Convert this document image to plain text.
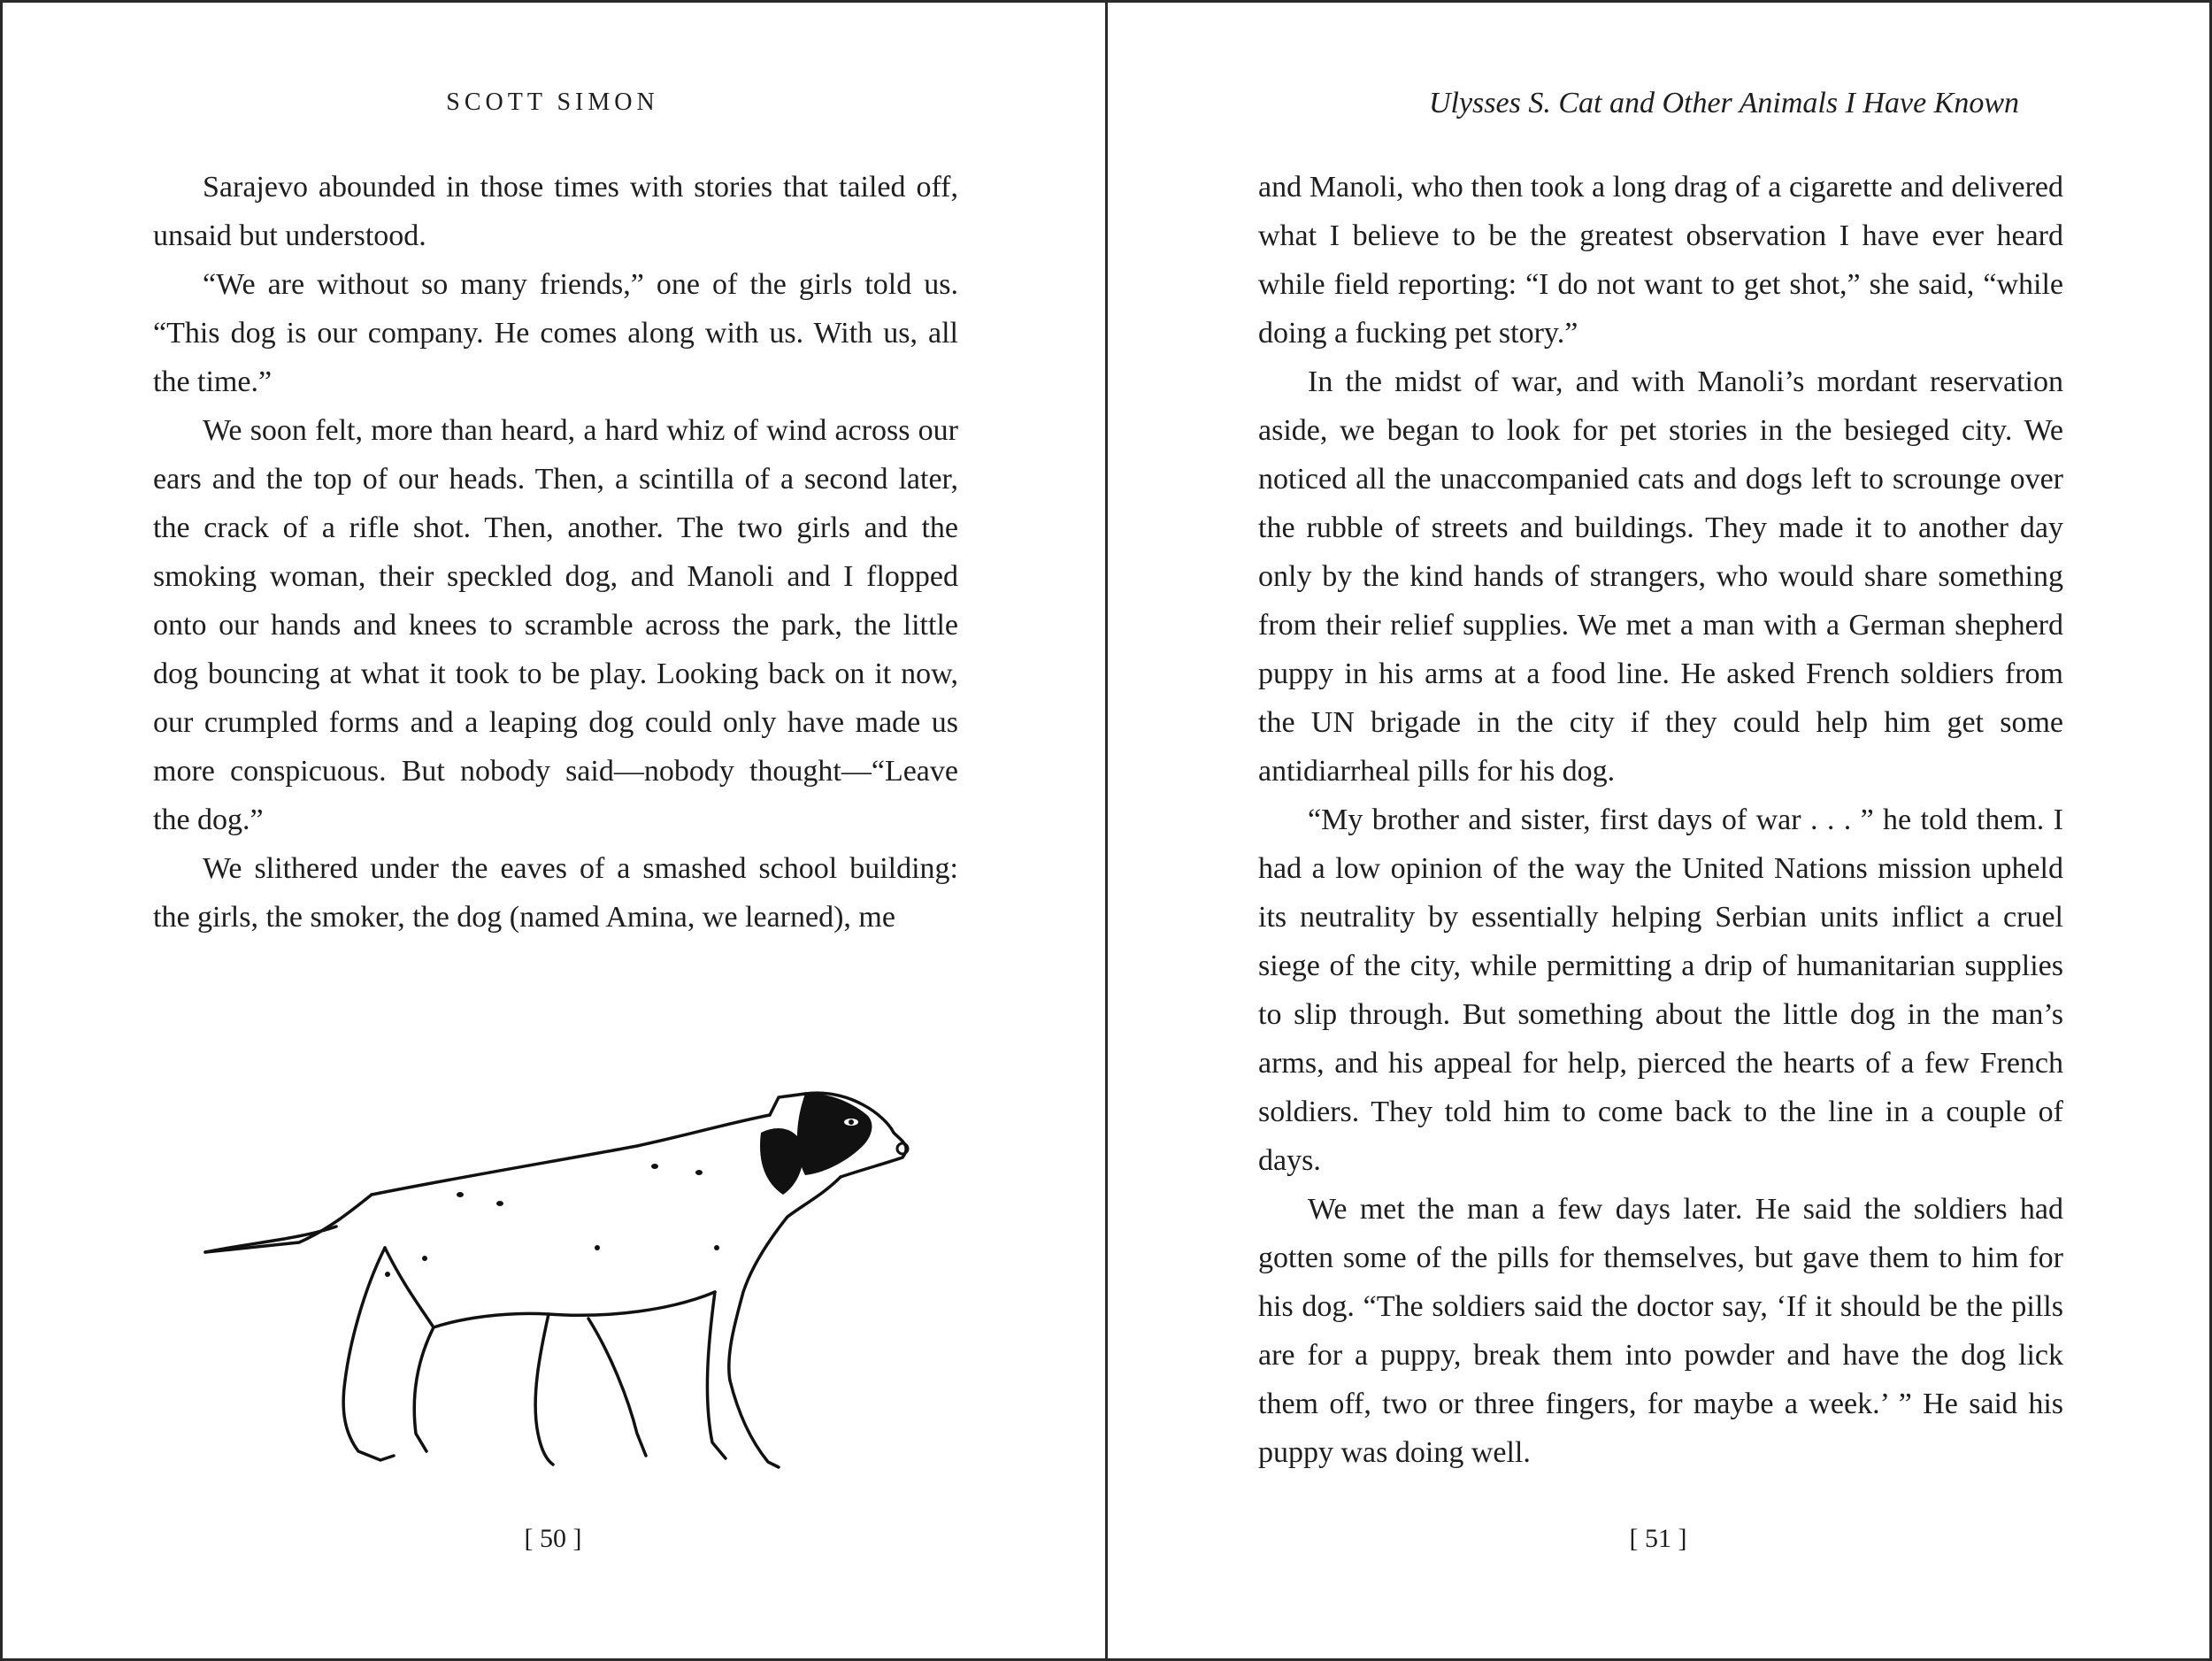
SCOTT SIMON

Sarajevo abounded in those times with stories that tailed off, unsaid but understood.

“We are without so many friends,” one of the girls told us. “This dog is our company. He comes along with us. With us, all the time.”

We soon felt, more than heard, a hard whiz of wind across our ears and the top of our heads. Then, a scintilla of a second later, the crack of a rifle shot. Then, another. The two girls and the smoking woman, their speckled dog, and Manoli and I flopped onto our hands and knees to scramble across the park, the little dog bouncing at what it took to be play. Looking back on it now, our crumpled forms and a leaping dog could only have made us more conspicuous. But nobody said—nobody thought—“Leave the dog.”

We slithered under the eaves of a smashed school building: the girls, the smoker, the dog (named Amina, we learned), me

[ 50 ]
Ulysses S. Cat and Other Animals I Have Known

and Manoli, who then took a long drag of a cigarette and delivered what I believe to be the greatest observation I have ever heard while field reporting: “I do not want to get shot,” she said, “while doing a fucking pet story.”

In the midst of war, and with Manoli’s mordant reservation aside, we began to look for pet stories in the besieged city. We noticed all the unaccompanied cats and dogs left to scrounge over the rubble of streets and buildings. They made it to another day only by the kind hands of strangers, who would share something from their relief supplies. We met a man with a German shepherd puppy in his arms at a food line. He asked French soldiers from the UN brigade in the city if they could help him get some antidiarrheal pills for his dog.

“My brother and sister, first days of war . . . ” he told them. I had a low opinion of the way the United Nations mission upheld its neutrality by essentially helping Serbian units inflict a cruel siege of the city, while permitting a drip of humanitarian supplies to slip through. But something about the little dog in the man’s arms, and his appeal for help, pierced the hearts of a few French soldiers. They told him to come back to the line in a couple of days.

We met the man a few days later. He said the soldiers had gotten some of the pills for themselves, but gave them to him for his dog. “The soldiers said the doctor say, ‘If it should be the pills are for a puppy, break them into powder and have the dog lick them off, two or three fingers, for maybe a week.’ ” He said his puppy was doing well.

[ 51 ]
